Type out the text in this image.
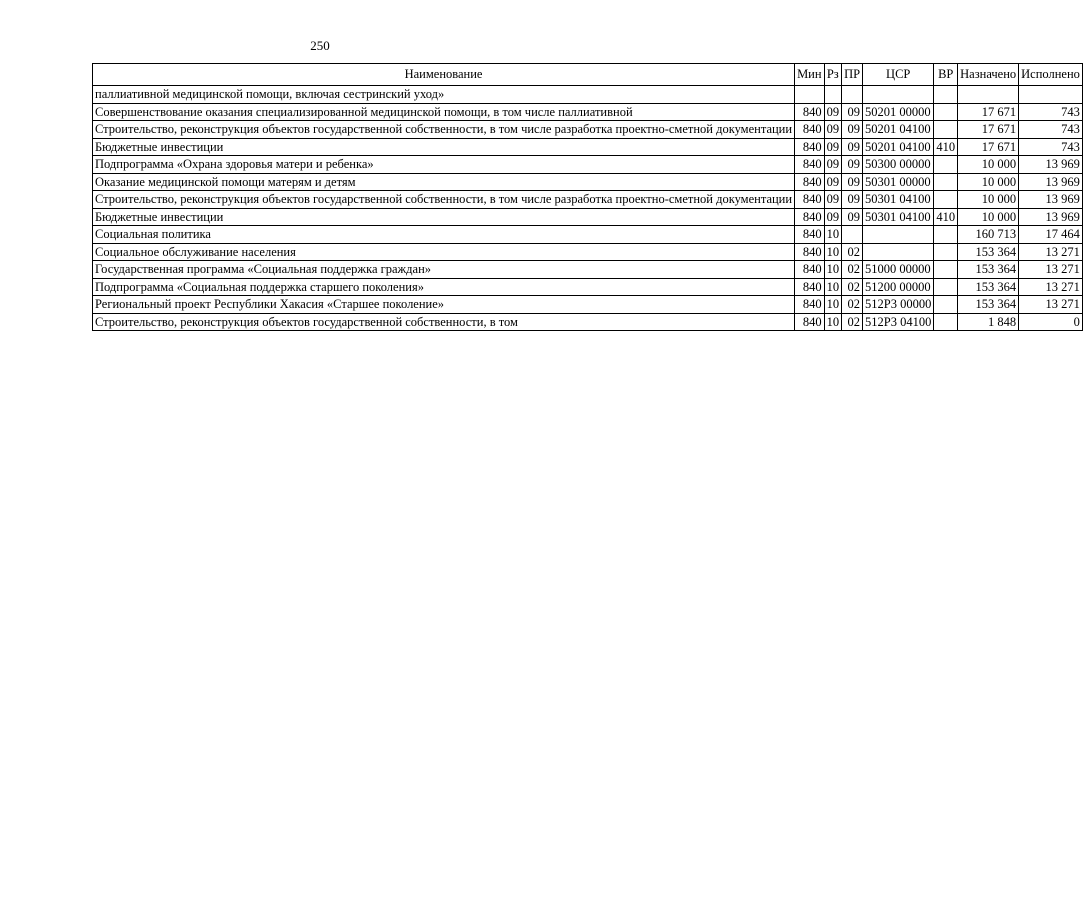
250
Наименование	Мин	Рз	ПР	ЦСР	ВР	Назначено	Исполнено
паллиативной медицинской помощи, включая сестринский уход»							
Совершенствование оказания специализированной медицинской помощи, в том числе паллиативной	840	09	09	50201 00000		17 671	743
Строительство, реконструкция объектов государственной собственности, в том числе разработка проектно-сметной документации	840	09	09	50201 04100		17 671	743
Бюджетные инвестиции	840	09	09	50201 04100	410	17 671	743
Подпрограмма «Охрана здоровья матери и ребенка»	840	09	09	50300 00000		10 000	13 969
Оказание медицинской помощи матерям и детям	840	09	09	50301 00000		10 000	13 969
Строительство, реконструкция объектов государственной собственности, в том числе разработка проектно-сметной документации	840	09	09	50301 04100		10 000	13 969
Бюджетные инвестиции	840	09	09	50301 04100	410	10 000	13 969
Социальная политика	840	10				160 713	17 464
Социальное обслуживание населения	840	10	02			153 364	13 271
Государственная программа «Социальная поддержка граждан»	840	10	02	51000 00000		153 364	13 271
Подпрограмма «Социальная поддержка старшего поколения»	840	10	02	51200 00000		153 364	13 271
Региональный проект Республики Хакасия «Старшее поколение»	840	10	02	512P3 00000		153 364	13 271
Строительство, реконструкция объектов государственной собственности, в том	840	10	02	512P3 04100		1 848	0
